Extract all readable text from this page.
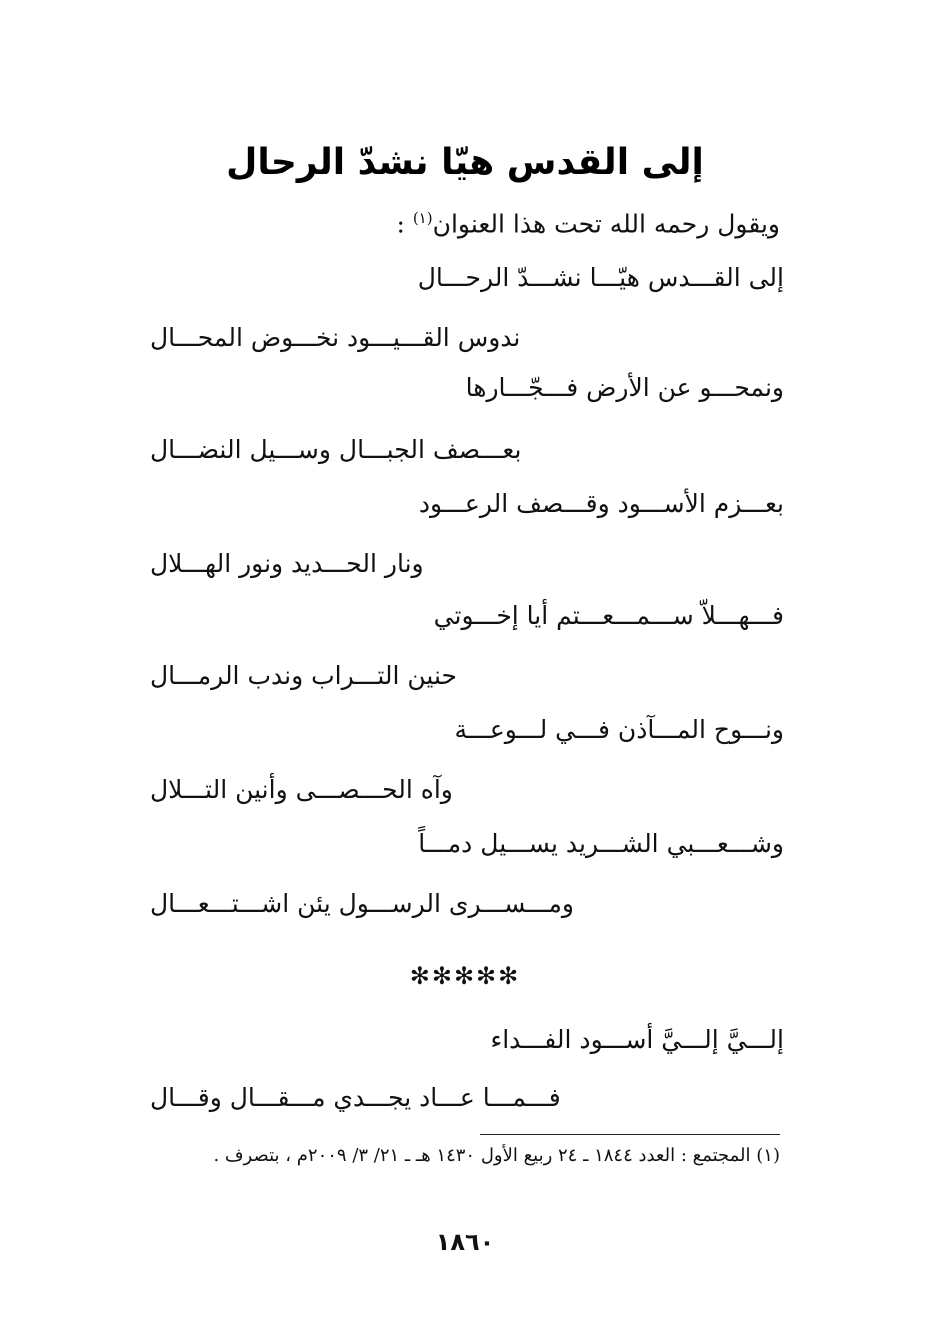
إلى القدس هيّا نشدّ الرحال
ويقول رحمه الله تحت هذا العنوان$^{(١)}$ :
إلى القـــدس هيّـــا نشـــدّ الرحـــال
ندوس القـــيـــود نخـــوض المحـــال
ونمحـــو عن الأرض فـــجّـــارها
بعـــصف الجبـــال وســـيل النضـــال
بعـــزم الأســـود وقـــصف الرعـــود
ونار الحـــديد ونور الهـــلال
فـــهـــلاّ ســـمـــعـــتم أيا إخـــوتي
حنين التـــراب وندب الرمـــال
ونـــوح المـــآذن فـــي لـــوعـــة
وآه الحـــصـــى وأنين التـــلال
وشـــعـــبي الشـــريد يســـيل دمـــاً
ومـــســـرى الرســـول يئن اشـــتـــعـــال
✻✻✻✻✻
إلـــيَّ إلـــيَّ أســـود الفـــداء
فـــمـــا عـــاد يجـــدي مـــقـــال وقـــال
(١) المجتمع : العدد ١٨٤٤ ـ ٢٤ ربيع الأول ١٤٣٠ هـ ـ ٢١/ ٣/ ٢٠٠٩م ، بتصرف .
١٨٦٠
